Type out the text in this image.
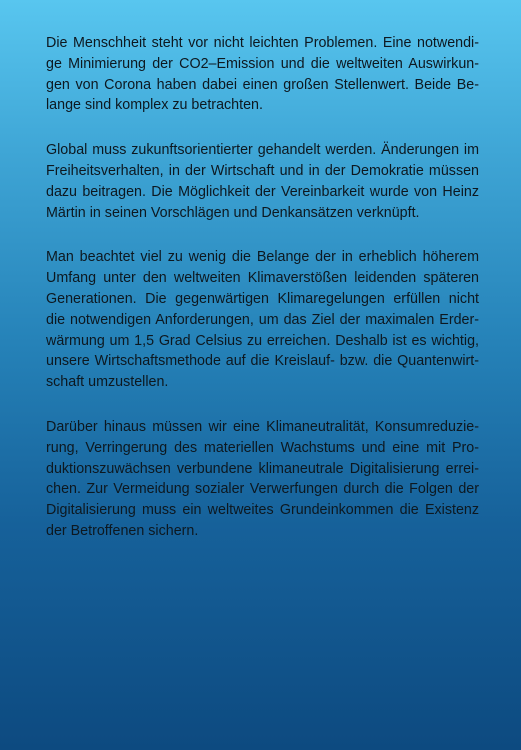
Die Menschheit steht vor nicht leichten Problemen. Eine notwendi-
ge Minimierung der CO2–Emission und die weltweiten Auswirkun-
gen von Corona haben dabei einen großen Stellenwert. Beide Be-
lange sind komplex zu betrachten.

Global muss zukunftsorientierter gehandelt werden. Änderungen im
Freiheitsverhalten, in der Wirtschaft und in der Demokratie müssen
dazu beitragen. Die Möglichkeit der Vereinbarkeit wurde von Heinz
Märtin in seinen Vorschlägen und Denkansätzen verknüpft.

Man beachtet viel zu wenig die Belange der in erheblich höherem
Umfang unter den weltweiten Klimaverstößen leidenden späteren
Generationen. Die gegenwärtigen Klimaregelungen erfüllen nicht
die notwendigen Anforderungen, um das Ziel der maximalen Erder-
wärmung um 1,5 Grad Celsius zu erreichen. Deshalb ist es wichtig,
unsere Wirtschaftsmethode auf die Kreislauf- bzw. die Quantenwirt-
schaft umzustellen.

Darüber hinaus müssen wir eine Klimaneutralität, Konsumreduzie-
rung, Verringerung des materiellen Wachstums und eine mit Pro-
duktionszuwächsen verbundene klimaneutrale Digitalisierung errei-
chen. Zur Vermeidung sozialer Verwerfungen durch die Folgen der
Digitalisierung muss ein weltweites Grundeinkommen die Existenz
der Betroffenen sichern.
